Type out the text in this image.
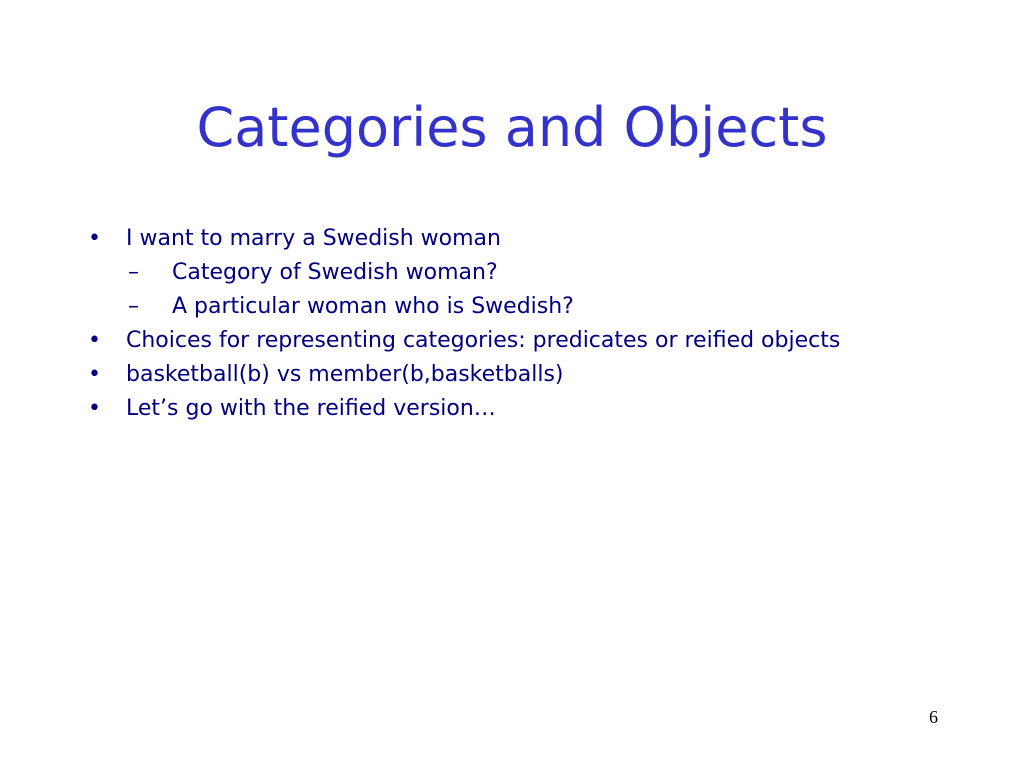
Categories and Objects
• I want to marry a Swedish woman
– Category of Swedish woman?
– A particular woman who is Swedish?
• Choices for representing categories: predicates or reified objects
• basketball(b) vs member(b,basketballs)
• Let’s go with the reified version…
6
